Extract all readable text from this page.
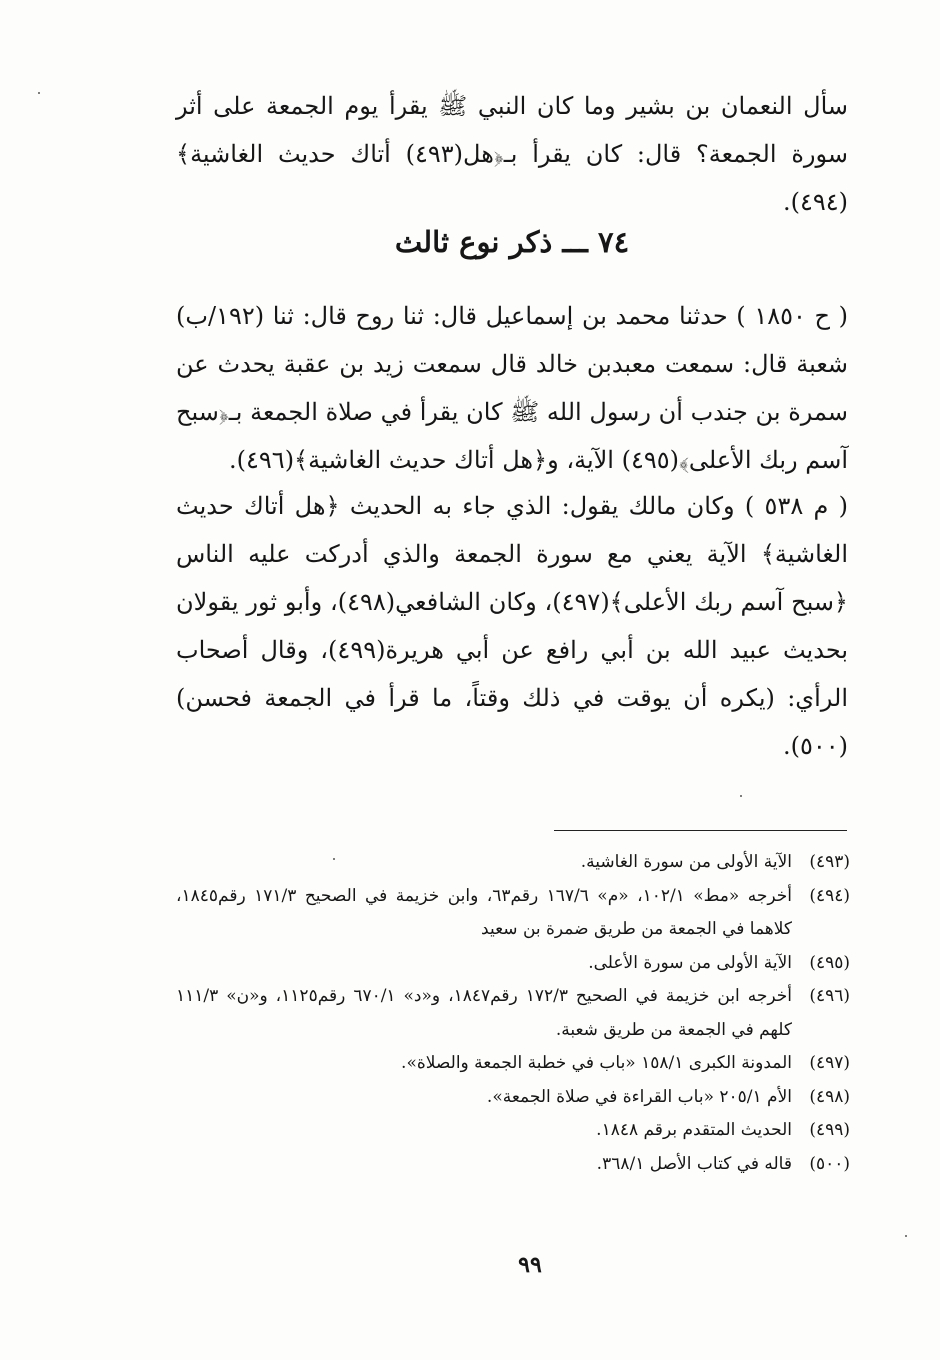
سأل النعمان بن بشير وما كان النبي ﷺ يقرأ يوم الجمعة على أثر سورة الجمعة؟ قال: كان يقرأ بـ﴿هل(٤٩٣) أتاك حديث الغاشية﴾(٤٩٤).
٧٤ ـــ ذكر نوع ثالث
( ح ١٨٥٠ ) حدثنا محمد بن إسماعيل قال: ثنا روح قال: ثنا (١٩٢/ب) شعبة قال: سمعت معبدبن خالد قال سمعت زيد بن عقبة يحدث عن سمرة بن جندب أن رسول الله ﷺ كان يقرأ في صلاة الجمعة بـ﴿سبح آسم ربك الأعلى﴾(٤٩٥) الآية، و﴿هل أتاك حديث الغاشية﴾(٤٩٦).
( م ٥٣٨ ) وكان مالك يقول: الذي جاء به الحديث ﴿هل أتاك حديث الغاشية﴾ الآية يعني مع سورة الجمعة والذي أدركت عليه الناس ﴿سبح آسم ربك الأعلى﴾(٤٩٧)، وكان الشافعي(٤٩٨)، وأبو ثور يقولان بحديث عبيد الله بن أبي رافع عن أبي هريرة(٤٩٩)، وقال أصحاب الرأي: (يكره أن يوقت في ذلك وقتاً، ما قرأ في الجمعة فحسن)(٥٠٠).
(٤٩٣)
الآية الأولى من سورة الغاشية.
(٤٩٤)
أخرجه «مط» ١٠٢/١، «م» ١٦٧/٦ رقم٦٣، وابن خزيمة في الصحيح ١٧١/٣ رقم١٨٤٥، كلاهما في الجمعة من طريق ضمرة بن سعيد
(٤٩٥)
الآية الأولى من سورة الأعلى.
(٤٩٦)
أخرجه ابن خزيمة في الصحيح ١٧٢/٣ رقم١٨٤٧، و«د» ٦٧٠/١ رقم١١٢٥، و«ن» ١١١/٣ كلهم في الجمعة من طريق شعبة.
(٤٩٧)
المدونة الكبرى ١٥٨/١ «باب في خطبة الجمعة والصلاة».
(٤٩٨)
الأم ٢٠٥/١ «باب القراءة في صلاة الجمعة».
(٤٩٩)
الحديث المتقدم برقم ١٨٤٨.
(٥٠٠)
قاله في كتاب الأصل ٣٦٨/١.
٩٩
